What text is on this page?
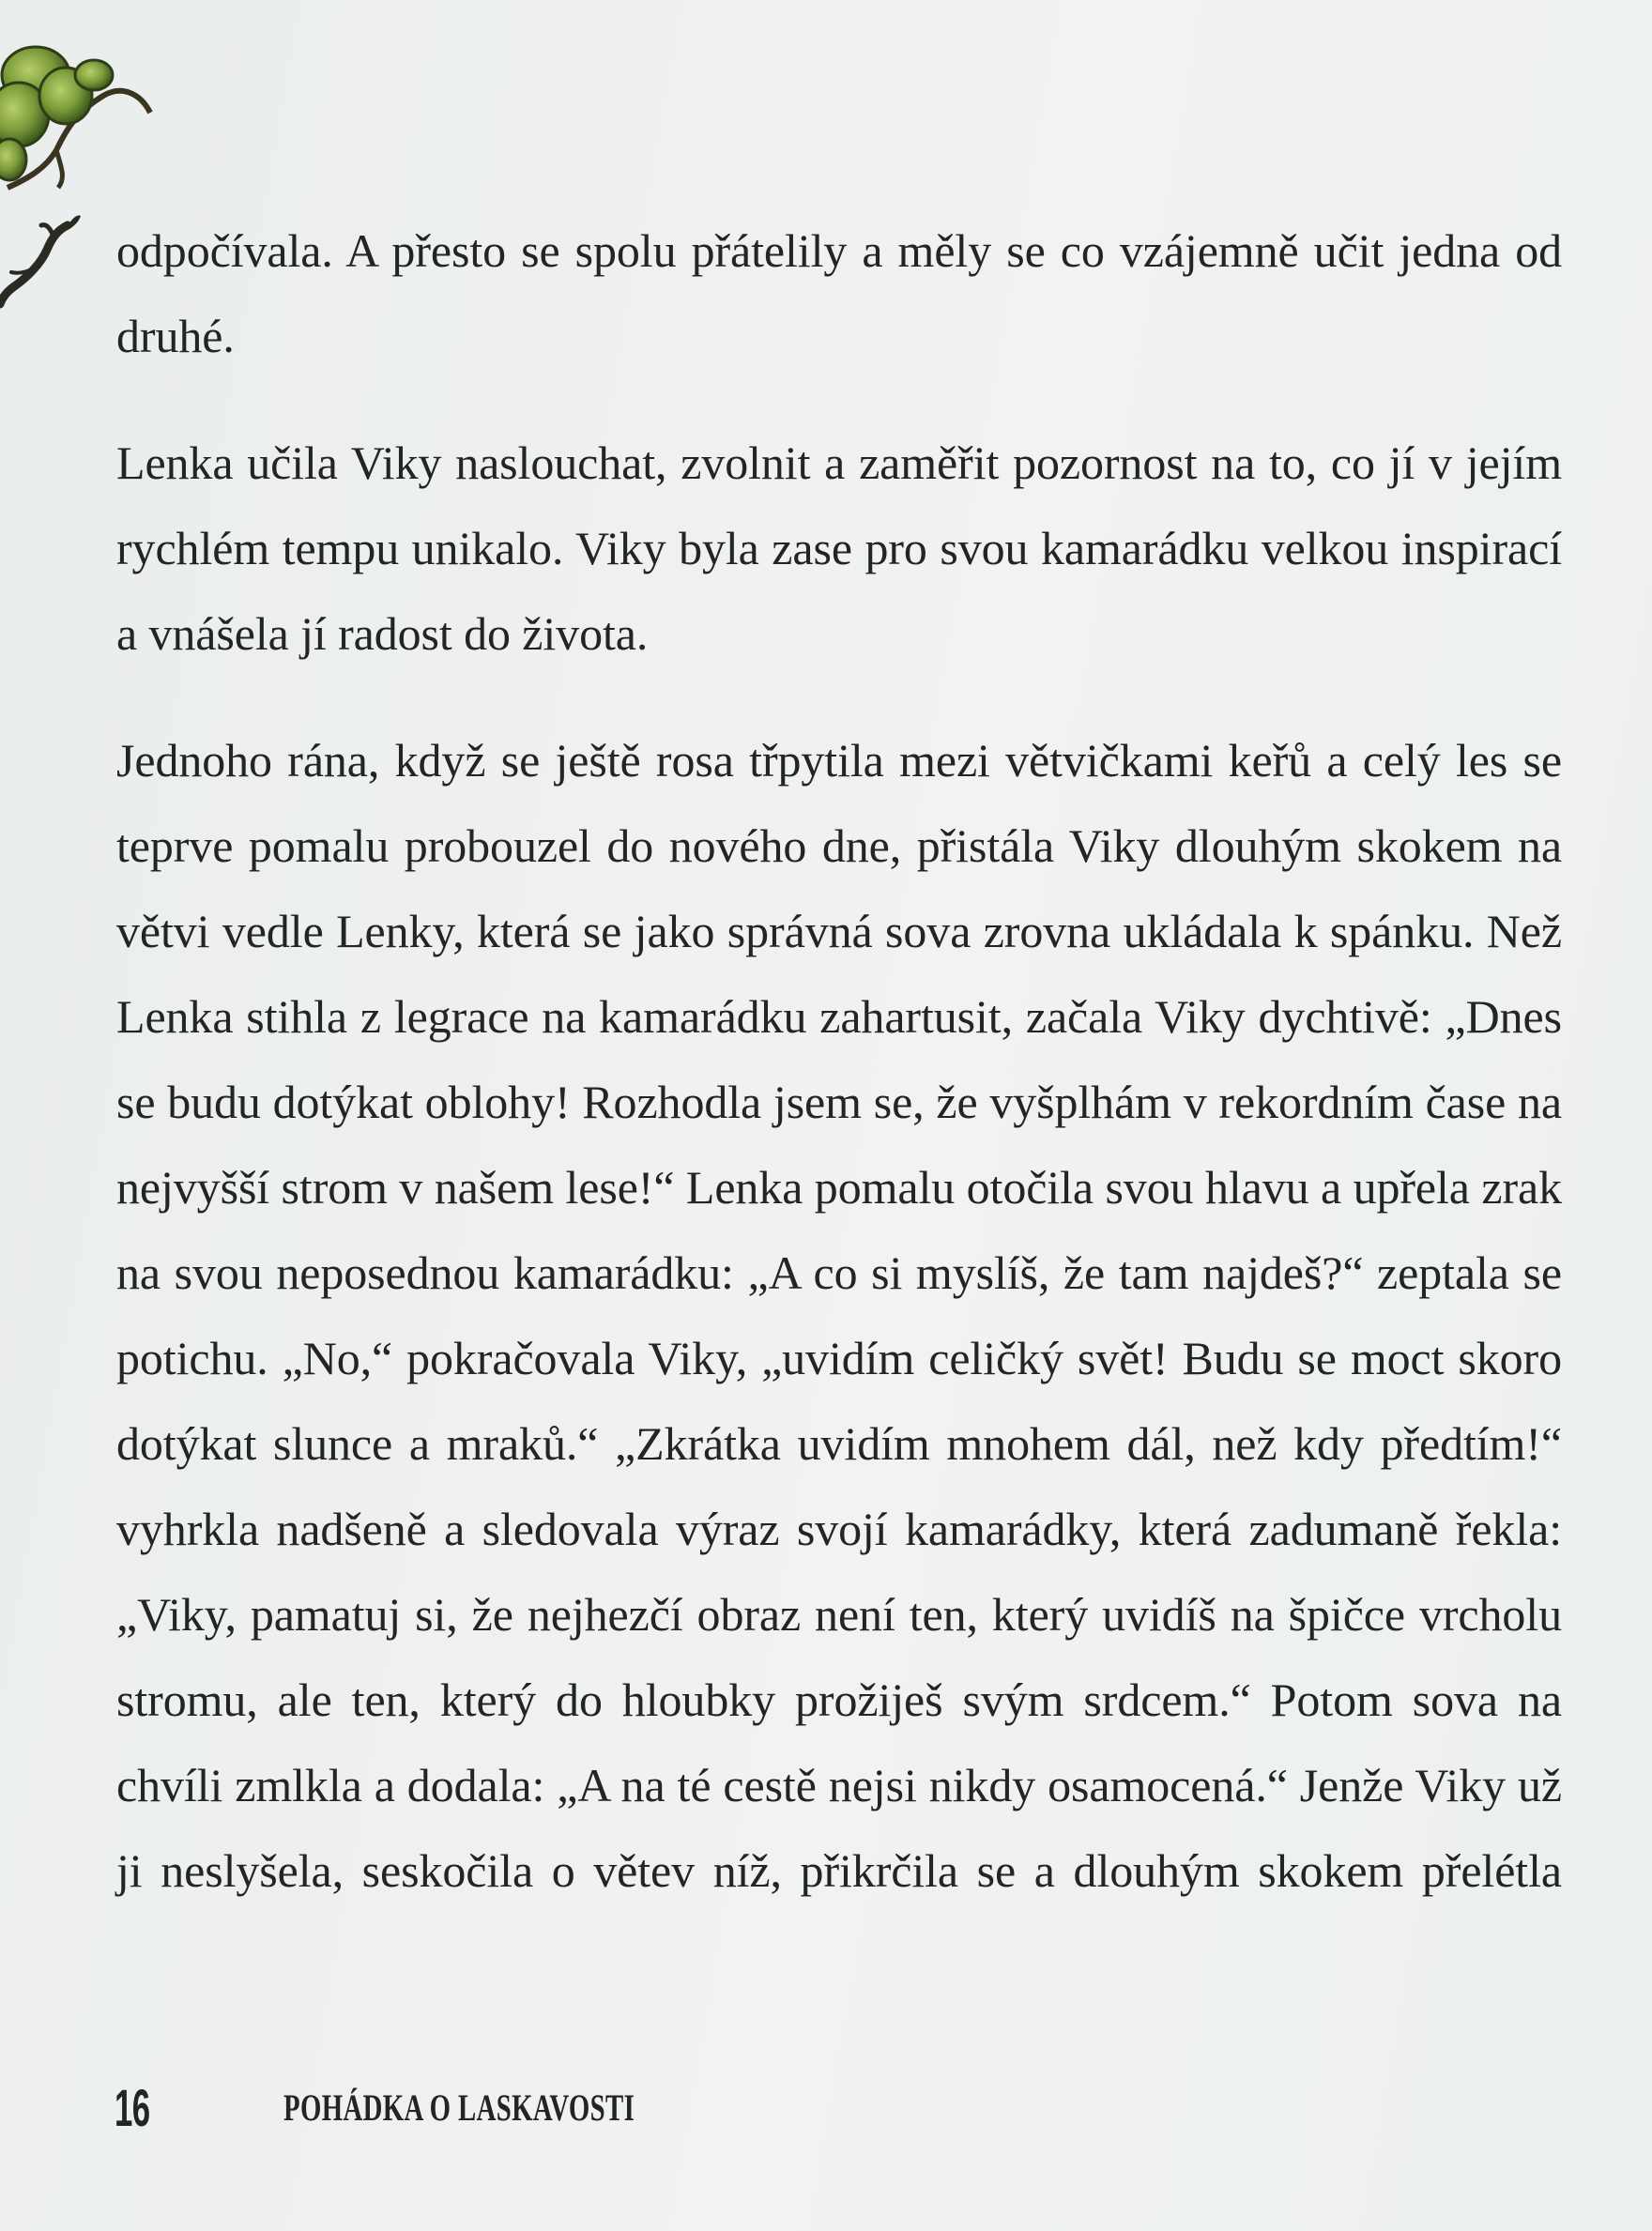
odpočívala. A přesto se spolu přátelily a měly se co vzájemně učit jedna od druhé.

Lenka učila Viky naslouchat, zvolnit a zaměřit pozornost na to, co jí v jejím rychlém tempu unikalo. Viky byla zase pro svou kamarádku velkou inspirací a vnášela jí radost do života.

Jednoho rána, když se ještě rosa třpytila mezi větvičkami keřů a celý les se teprve pomalu probouzel do nového dne, přistála Viky dlouhým skokem na větvi vedle Lenky, která se jako správná sova zrovna ukládala k spánku. Než Lenka stihla z legrace na kamarádku zahartusit, začala Viky dychtivě: „Dnes se budu dotýkat oblohy! Rozhodla jsem se, že vyšplhám v rekordním čase na nejvyšší strom v našem lese!“ Lenka pomalu otočila svou hlavu a upřela zrak na svou neposednou kamarádku: „A co si myslíš, že tam najdeš?“ zeptala se potichu. „No,“ pokračovala Viky, „uvidím celičký svět! Budu se moct skoro dotýkat slunce a mraků.“ „Zkrátka uvidím mnohem dál, než kdy předtím!“ vyhrkla nadšeně a sledovala výraz svojí kamarádky, která zadumaně řekla: „Viky, pamatuj si, že nejhezčí obraz není ten, který uvidíš na špičce vrcholu stromu, ale ten, který do hloubky prožiješ svým srdcem.“ Potom sova na chvíli zmlkla a dodala: „A na té cestě nejsi nikdy osamocená.“ Jenže Viky už ji neslyšela, seskočila o větev níž, přikrčila se a dlouhým skokem přelétla

16	POHÁDKA O LASKAVOSTI
